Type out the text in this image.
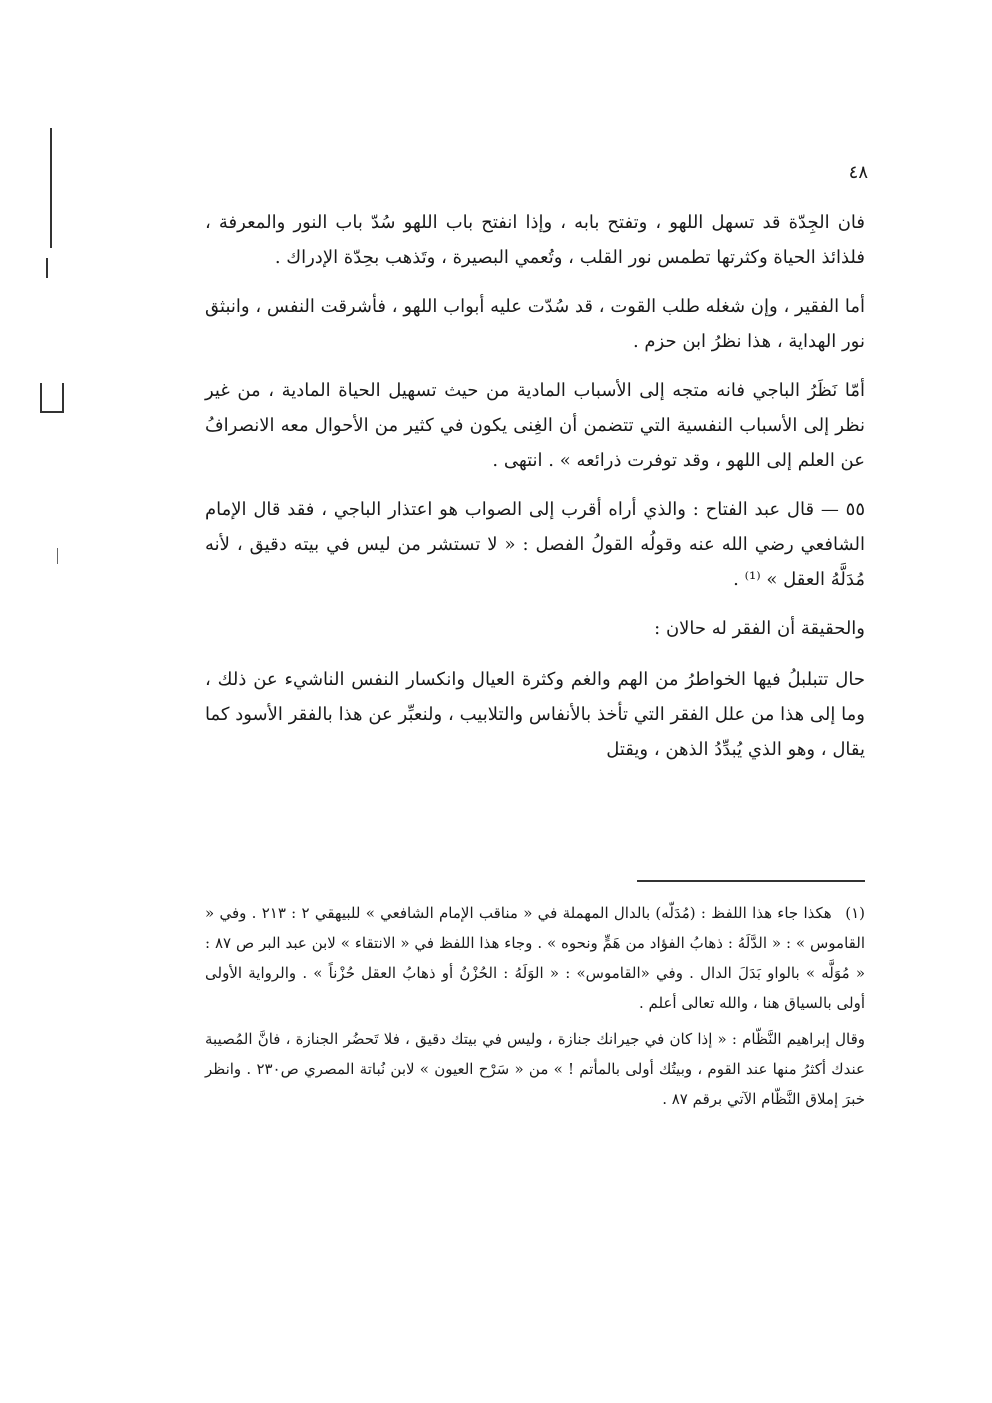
٤٨

فان الجِدّة قد تسهل اللهو ، وتفتح بابه ، وإذا انفتح باب اللهو سُدّ باب النور والمعرفة ، فلذائذ الحياة وكثرتها تطمس نور القلب ، وتُعمي البصيرة ، وتَذهب بحِدّة الإدراك .

أما الفقير ، وإن شغله طلب القوت ، قد سُدّت عليه أبواب اللهو ، فأشرقت النفس ، وانبثق نور الهداية ، هذا نظرُ ابن حزم .

أمّا نَظَرُ الباجي فانه متجه إلى الأسباب المادية من حيث تسهيل الحياة المادية ، من غير نظر إلى الأسباب النفسية التي تتضمن أن الغِنى يكون في كثير من الأحوال معه الانصرافُ عن العلم إلى اللهو ، وقد توفرت ذرائعه » . انتهى .

٥٥ — قال عبد الفتاح : والذي أراه أقرب إلى الصواب هو اعتذار الباجي ، فقد قال الإمام الشافعي رضي الله عنه وقولُه القولُ الفصل : « لا تستشر من ليس في بيته دقيق ، لأنه مُدَلَّهُ العقل » ⁽¹⁾ .

والحقيقة أن الفقر له حالان :

حال تتبلبلُ فيها الخواطرُ من الهم والغم وكثرة العيال وانكسار النفس الناشيء عن ذلك ، وما إلى هذا من علل الفقر التي تأخذ بالأنفاس والتلابيب ، ولنعبِّر عن هذا بالفقر الأسود كما يقال ، وهو الذي يُبدِّدُ الذهن ، ويقتل

(١) هكذا جاء هذا اللفظ : (مُدَلّه) بالدال المهملة في « مناقب الإمام الشافعي » للبيهقي ٢ : ٢١٣ . وفي « القاموس » : « الدَّلَهُ : ذهابُ الفؤاد من هَمٍّ ونحوه » . وجاء هذا اللفظ في « الانتقاء » لابن عبد البر ص ٨٧ : « مُوَلَّه » بالواو بَدَلَ الدال . وفي «القاموس» : « الوَلَهُ : الحُزْنُ أو ذهابُ العقل حُزْناً » . والرواية الأولى أولى بالسياق هنا ، والله تعالى أعلم .

وقال إبراهيم النَّظّام : « إذا كان في جيرانك جنازة ، وليس في بيتك دقيق ، فلا تَحضُر الجنازة ، فانَّ المُصيبة عندك أكثرُ منها عند القوم ، وبيتُك أولى بالمأتم ! » من « سَرْح العيون » لابن نُباتة المصري ص٢٣٠ . وانظر خبرَ إملاق النَّظّام الآتي برقم ٨٧ .
